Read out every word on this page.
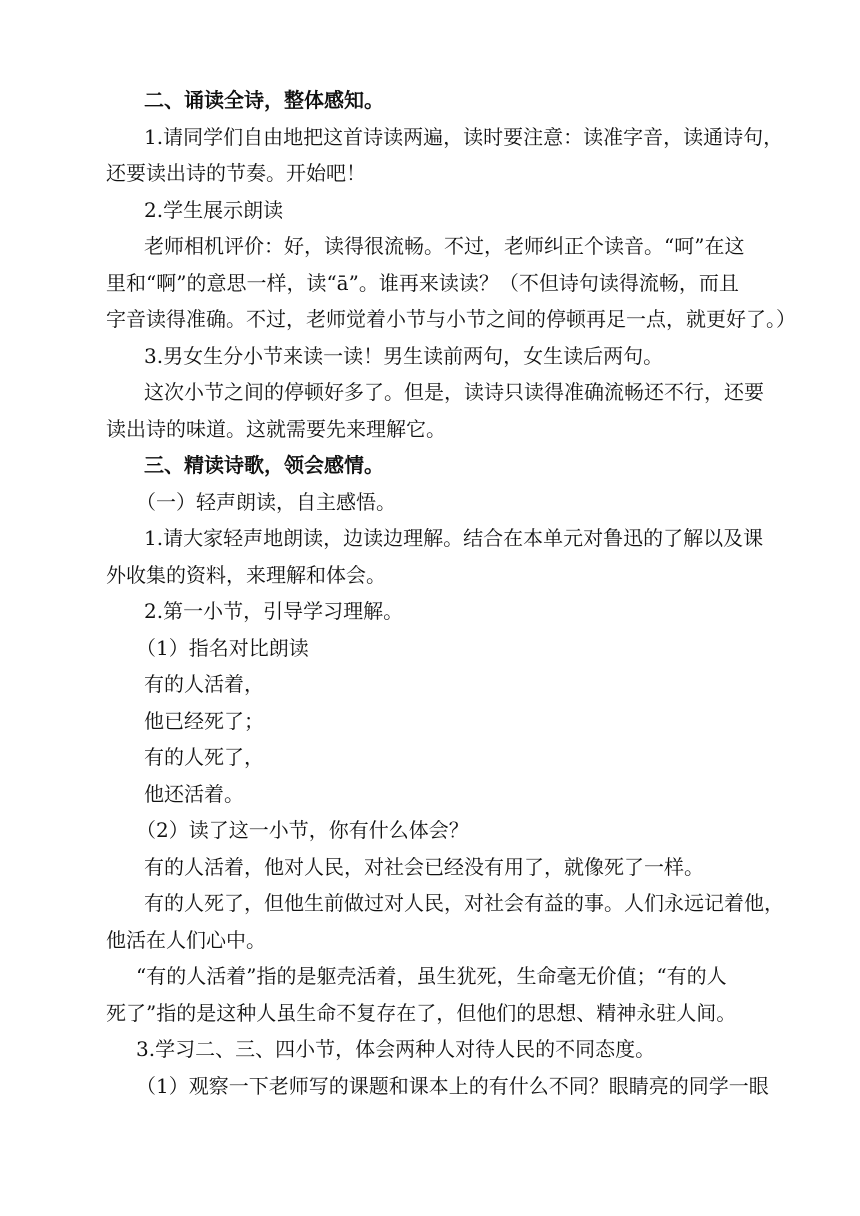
二、诵读全诗，整体感知。

1.请同学们自由地把这首诗读两遍，读时要注意：读准字音，读通诗句，

还要读出诗的节奏。开始吧！

2.学生展示朗读

老师相机评价：好，读得很流畅。不过，老师纠正个读音。“呵”在这

里和“啊”的意思一样，读“ā”。谁再来读读？（不但诗句读得流畅，而且

字音读得准确。不过，老师觉着小节与小节之间的停顿再足一点，就更好了。）

3.男女生分小节来读一读！男生读前两句，女生读后两句。

这次小节之间的停顿好多了。但是，读诗只读得准确流畅还不行，还要

读出诗的味道。这就需要先来理解它。

三、精读诗歌，领会感情。

（一）轻声朗读，自主感悟。

1.请大家轻声地朗读，边读边理解。结合在本单元对鲁迅的了解以及课

外收集的资料，来理解和体会。

2.第一小节，引导学习理解。

（1）指名对比朗读

有的人活着，

他已经死了；

有的人死了，

他还活着。

（2）读了这一小节，你有什么体会？

有的人活着，他对人民，对社会已经没有用了，就像死了一样。

有的人死了，但他生前做过对人民，对社会有益的事。人们永远记着他，

他活在人们心中。

“有的人活着”指的是躯壳活着，虽生犹死，生命毫无价值；“有的人

死了”指的是这种人虽生命不复存在了，但他们的思想、精神永驻人间。

3.学习二、三、四小节，体会两种人对待人民的不同态度。

（1）观察一下老师写的课题和课本上的有什么不同？眼睛亮的同学一眼
